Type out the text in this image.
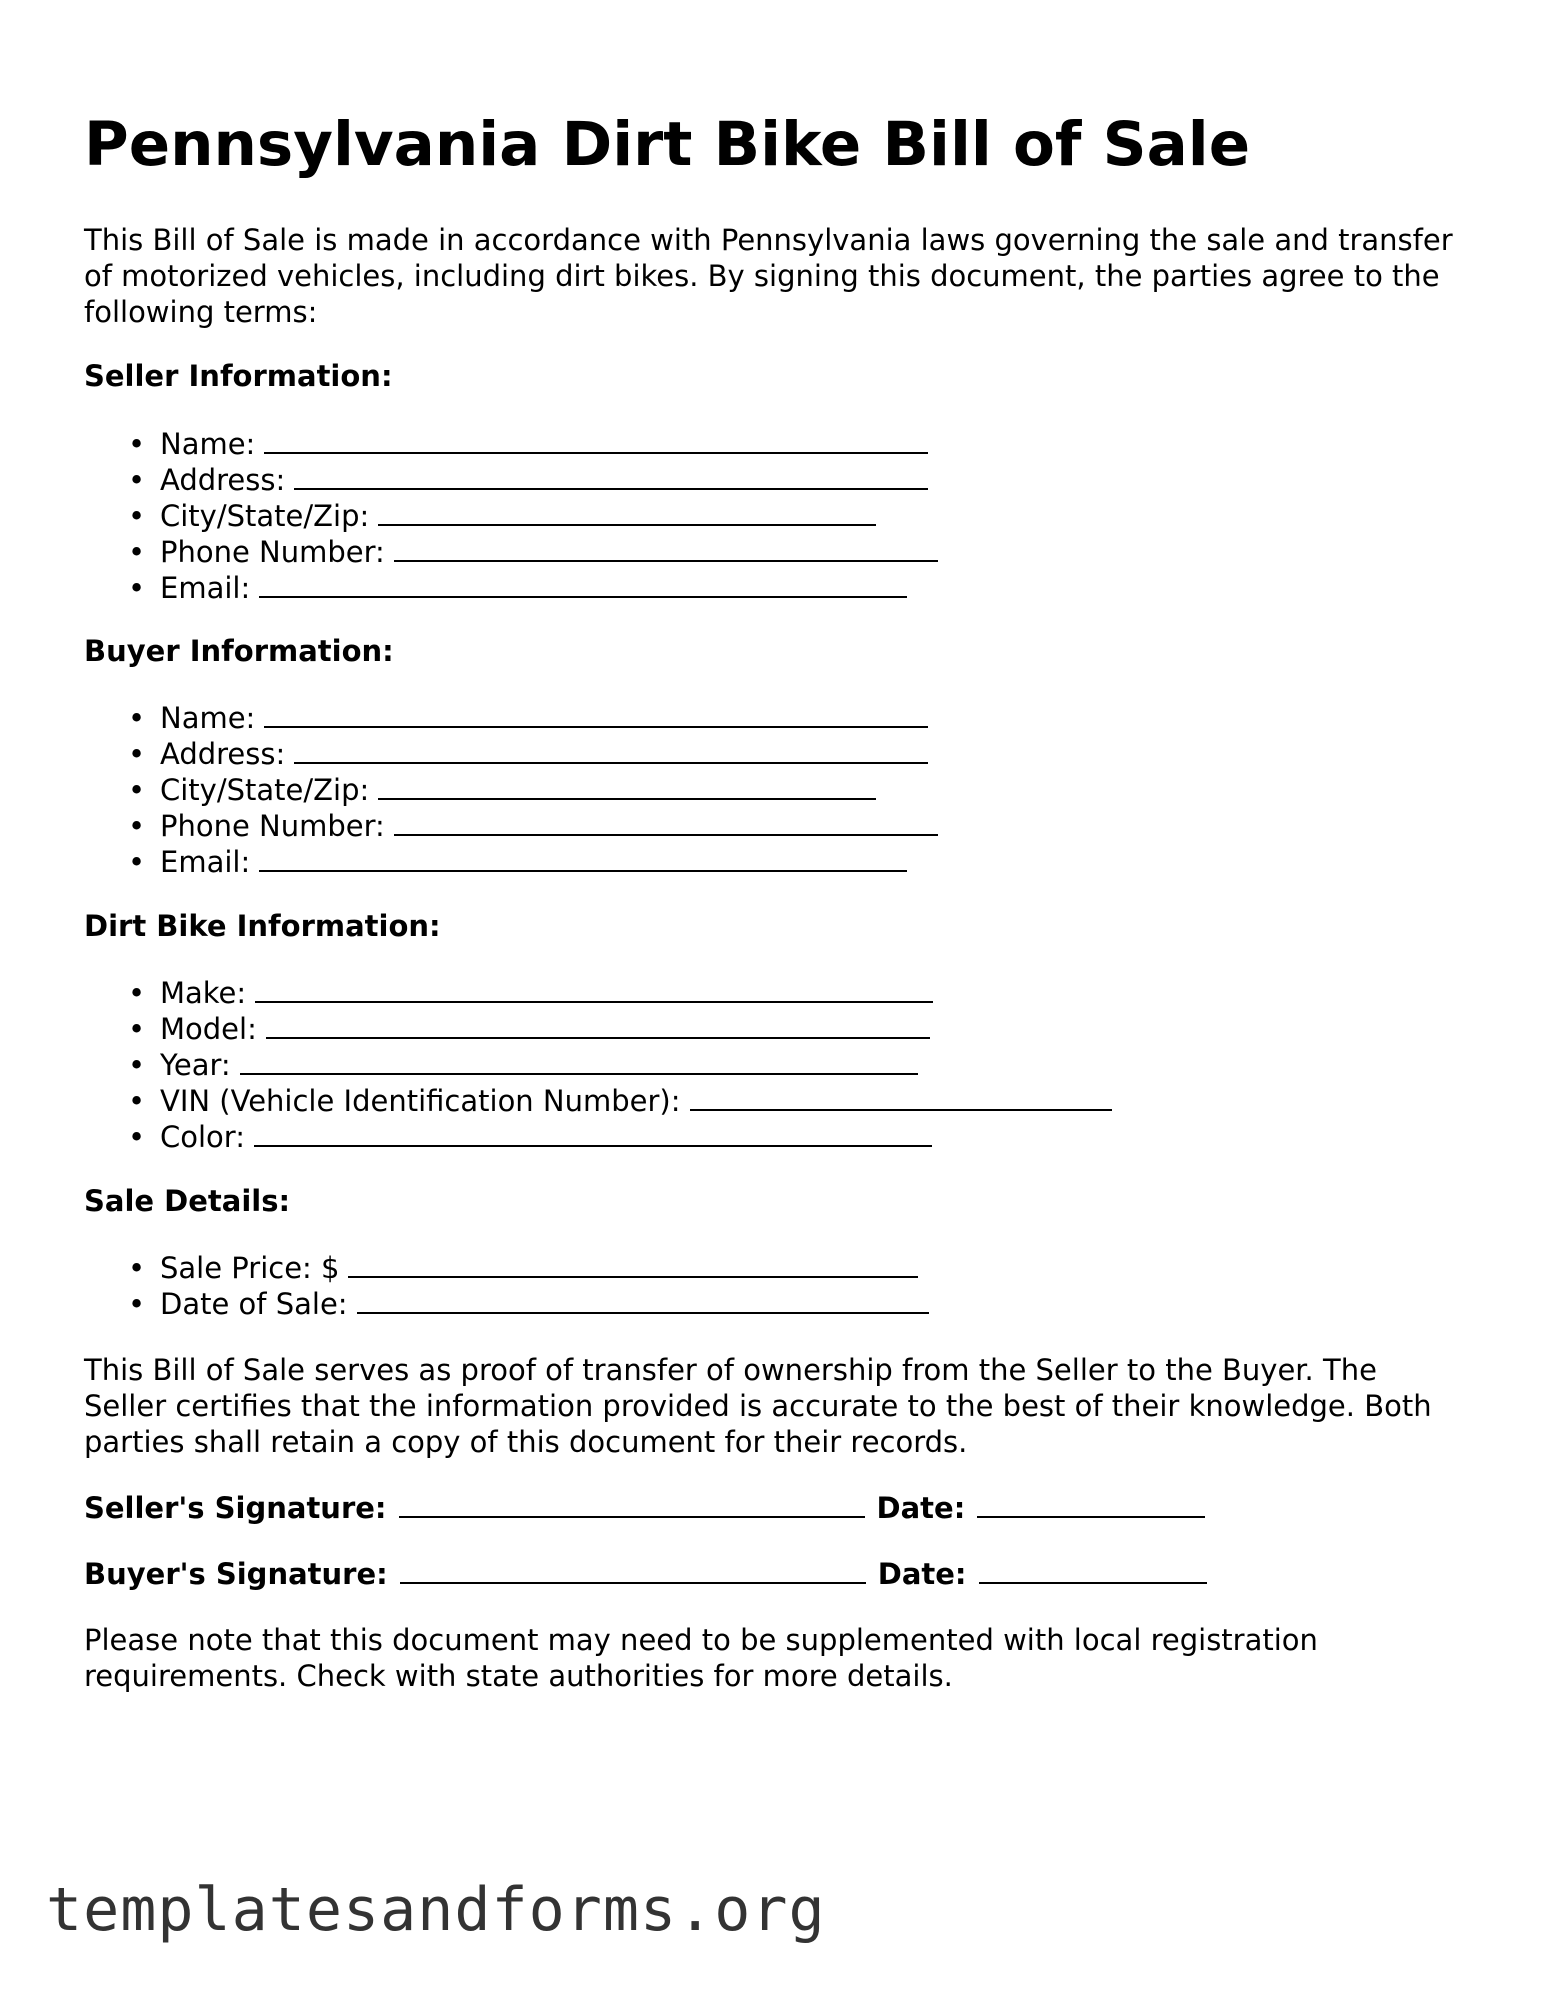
Pennsylvania Dirt Bike Bill of Sale

This Bill of Sale is made in accordance with Pennsylvania laws governing the sale and transfer of motorized vehicles, including dirt bikes. By signing this document, the parties agree to the following terms:

Seller Information:
• Name:
• Address:
• City/State/Zip:
• Phone Number:
• Email:
Buyer Information:
• Name:
• Address:
• City/State/Zip:
• Phone Number:
• Email:
Dirt Bike Information:
• Make:
• Model:
• Year:
• VIN (Vehicle Identification Number):
• Color:
Sale Details:
• Sale Price: $
• Date of Sale:

This Bill of Sale serves as proof of transfer of ownership from the Seller to the Buyer. The Seller certifies that the information provided is accurate to the best of their knowledge. Both parties shall retain a copy of this document for their records.

Seller's Signature:	Date:
Buyer's Signature:	Date:

Please note that this document may need to be supplemented with local registration requirements. Check with state authorities for more details.

templatesandforms.org
